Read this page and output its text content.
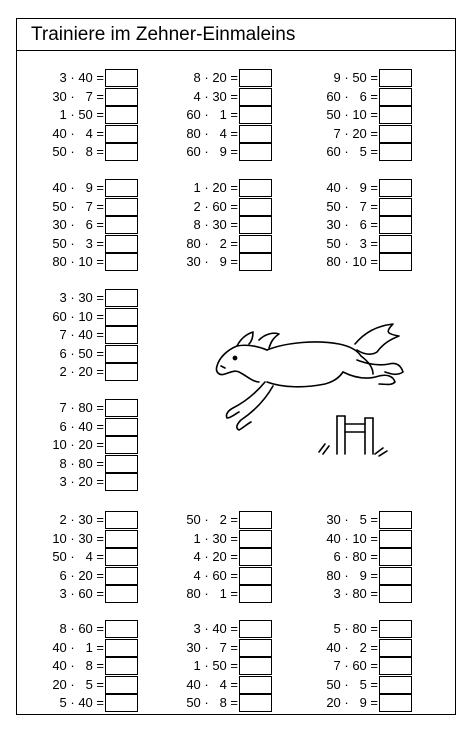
Trainiere im Zehner-Einmaleins
3 · 40 =
30 ·   7 =
1 · 50 =
40 ·   4 =
50 ·   8 =
40 ·   9 =
50 ·   7 =
30 ·   6 =
50 ·   3 =
80 · 10 =
3 · 30 =
60 · 10 =
7 · 40 =
6 · 50 =
2 · 20 =
7 · 80 =
6 · 40 =
10 · 20 =
8 · 80 =
3 · 20 =
2 · 30 =
10 · 30 =
50 ·   4 =
6 · 20 =
3 · 60 =
8 · 60 =
40 ·   1 =
40 ·   8 =
20 ·   5 =
5 · 40 =
8 · 20 =
4 · 30 =
60 ·   1 =
80 ·   4 =
60 ·   9 =
1 · 20 =
2 · 60 =
8 · 30 =
80 ·   2 =
30 ·   9 =
50 ·   2 =
1 · 30 =
4 · 20 =
4 · 60 =
80 ·   1 =
3 · 40 =
30 ·   7 =
1 · 50 =
40 ·   4 =
50 ·   8 =
9 · 50 =
60 ·   6 =
50 · 10 =
7 · 20 =
60 ·   5 =
40 ·   9 =
50 ·   7 =
30 ·   6 =
50 ·   3 =
80 · 10 =
30 ·   5 =
40 · 10 =
6 · 80 =
80 ·   9 =
3 · 80 =
5 · 80 =
40 ·   2 =
7 · 60 =
50 ·   5 =
20 ·   9 =
